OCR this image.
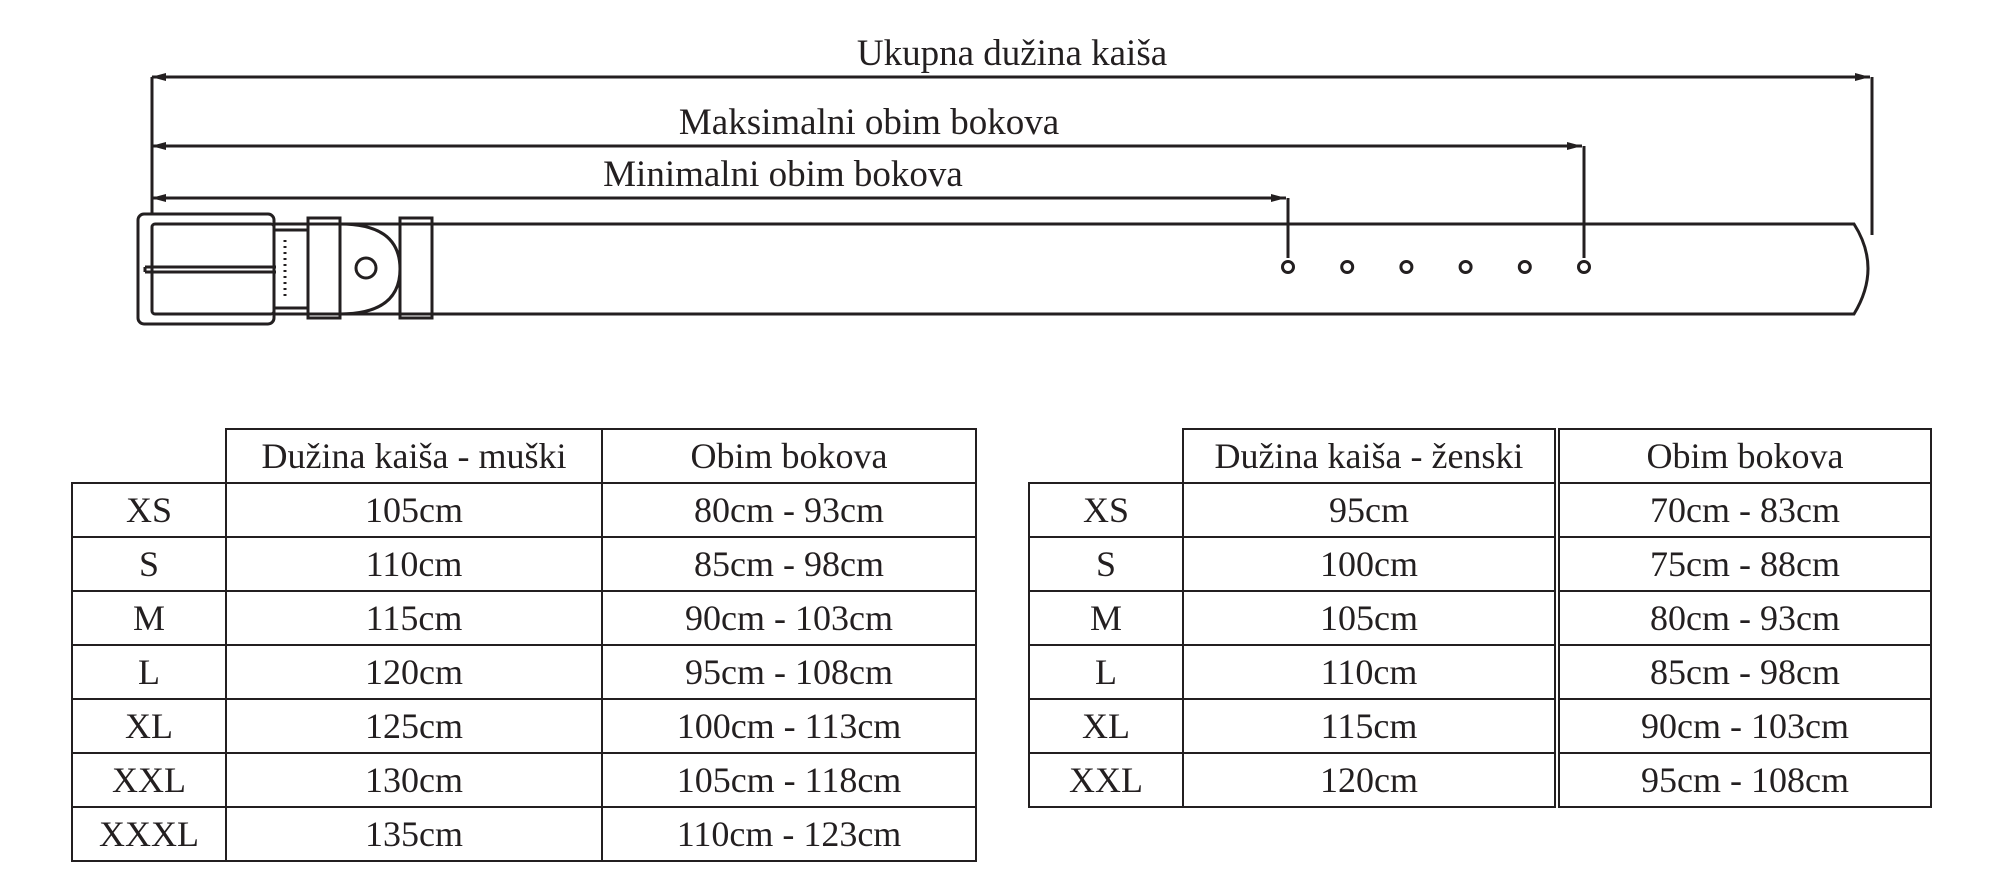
Ukupna dužina kaiša
Maksimalni obim bokova
Minimalni obim bokova
	Dužina kaiša - muški	Obim bokova
XS	105cm	80cm - 93cm
S	110cm	85cm - 98cm
M	115cm	90cm - 103cm
L	120cm	95cm - 108cm
XL	125cm	100cm - 113cm
XXL	130cm	105cm - 118cm
XXXL	135cm	110cm - 123cm
	Dužina kaiša - ženski	Obim bokova
XS	95cm	70cm - 83cm
S	100cm	75cm - 88cm
M	105cm	80cm - 93cm
L	110cm	85cm - 98cm
XL	115cm	90cm - 103cm
XXL	120cm	95cm - 108cm
